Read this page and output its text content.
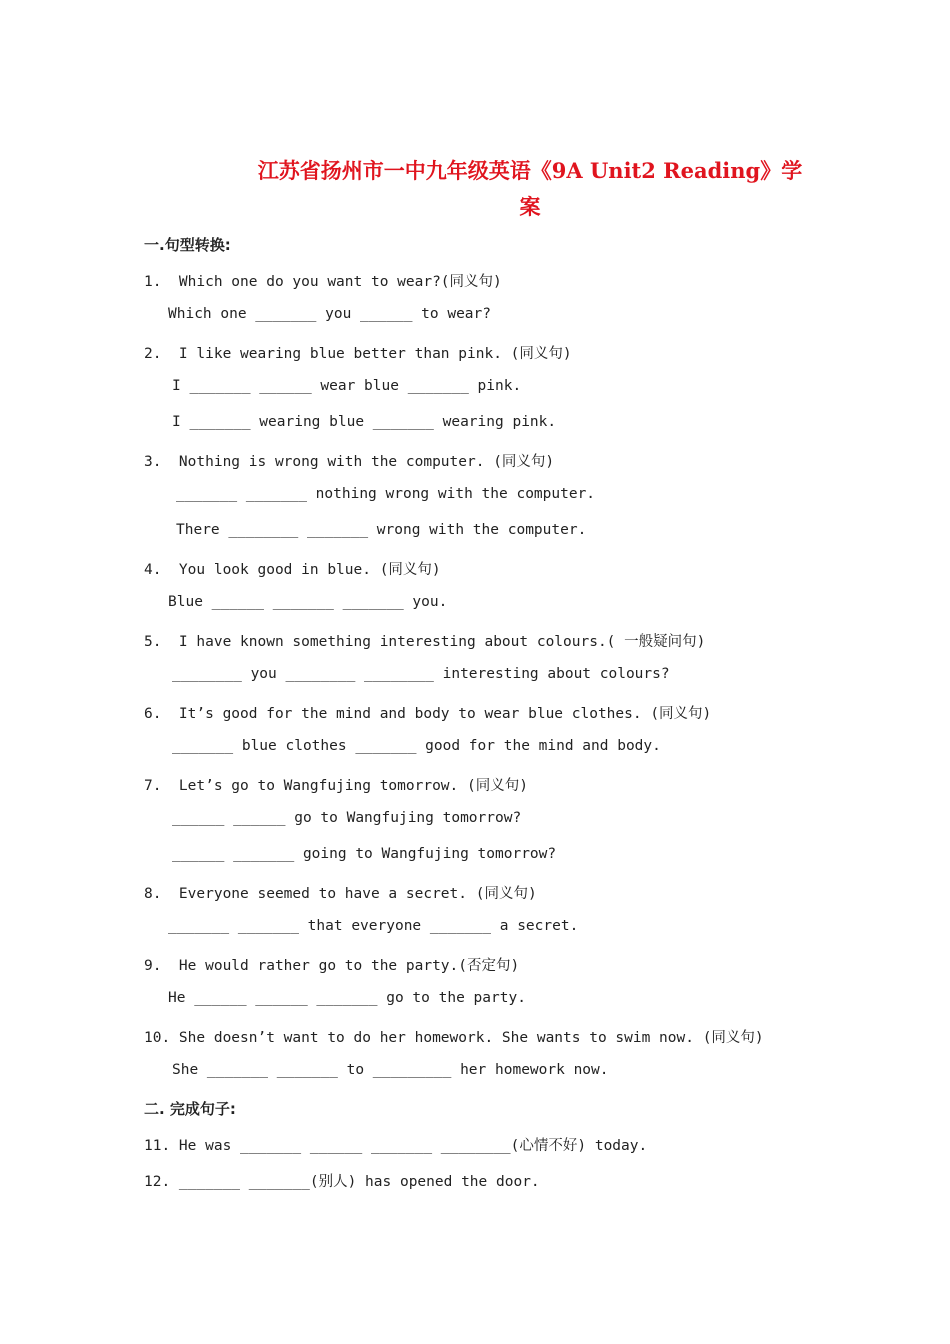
江苏省扬州市一中九年级英语《9A Unit2 Reading》学
案
一.句型转换:
1.  Which one do you want to wear?(同义句)
Which one _______ you ______ to wear?
2.  I like wearing blue better than pink. (同义句)
I _______ ______ wear blue _______ pink.
I _______ wearing blue _______ wearing pink.
3.  Nothing is wrong with the computer. (同义句)
_______ _______ nothing wrong with the computer.
There ________ _______ wrong with the computer.
4.  You look good in blue. (同义句)
Blue ______ _______ _______ you.
5.  I have known something interesting about colours.( 一般疑问句)
________ you ________ ________ interesting about colours?
6.  It’s good for the mind and body to wear blue clothes. (同义句)
_______ blue clothes _______ good for the mind and body.
7.  Let’s go to Wangfujing tomorrow. (同义句)
______ ______ go to Wangfujing tomorrow?
______ _______ going to Wangfujing tomorrow?
8.  Everyone seemed to have a secret. (同义句)
_______ _______ that everyone _______ a secret.
9.  He would rather go to the party.(否定句)
He ______ ______ _______ go to the party.
10. She doesn’t want to do her homework. She wants to swim now. (同义句)
She _______ _______ to _________ her homework now.
二. 完成句子:
11. He was _______ ______ _______ ________(心情不好) today.
12. _______ _______(别人) has opened the door.
